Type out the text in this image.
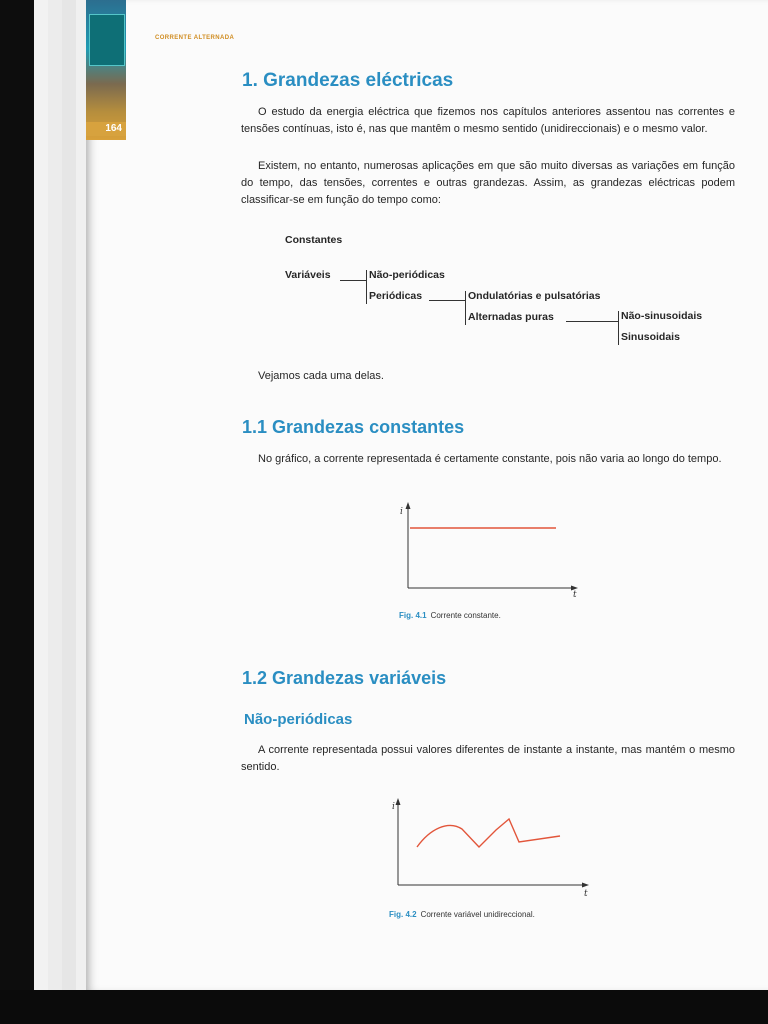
164
CORRENTE ALTERNADA
1. Grandezas eléctricas

O estudo da energia eléctrica que fizemos nos capítulos anteriores assentou nas correntes e tensões contínuas, isto é, nas que mantêm o mesmo sentido (unidireccionais) e o mesmo valor.

Existem, no entanto, numerosas aplicações em que são muito diversas as variações em função do tempo, das tensões, correntes e outras grandezas. Assim, as grandezas eléctricas podem classificar-se em função do tempo como:

Constantes
Variáveis	Não-periódicas
Periódicas	Ondulatórias e pulsatórias
Alternadas puras	Não-sinusoidais
Sinusoidais

Vejamos cada uma delas.

1.1 Grandezas constantes

No gráfico, a corrente representada é certamente constante, pois não varia ao longo do tempo.

i
t
Fig. 4.1 Corrente constante.
1.2 Grandezas variáveis
Não-periódicas

A corrente representada possui valores diferentes de instante a instante, mas mantém o mesmo sentido.

i
t
Fig. 4.2 Corrente variável unidireccional.
